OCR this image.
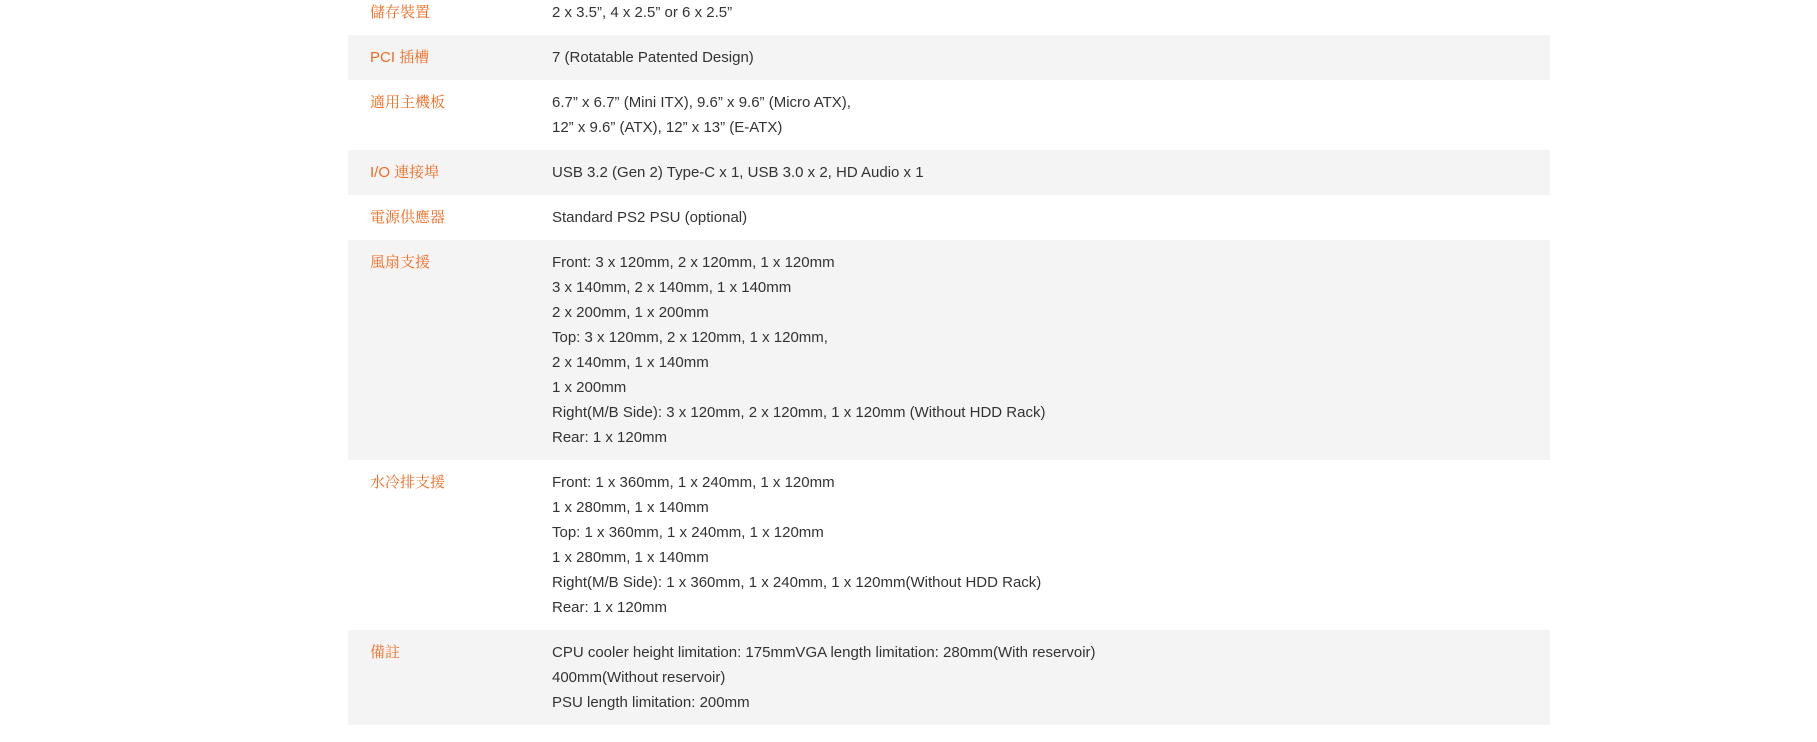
儲存裝置	2 x 3.5”, 4 x 2.5” or 6 x 2.5”
PCI 插槽	7 (Rotatable Patented Design)
適用主機板	6.7” x 6.7” (Mini ITX), 9.6” x 9.6” (Micro ATX),
12” x 9.6” (ATX), 12” x 13” (E-ATX)
I/O 連接埠	USB 3.2 (Gen 2) Type-C x 1, USB 3.0 x 2, HD Audio x 1
電源供應器	Standard PS2 PSU (optional)
風扇支援	Front: 3 x 120mm, 2 x 120mm, 1 x 120mm
3 x 140mm, 2 x 140mm, 1 x 140mm
2 x 200mm, 1 x 200mm
Top: 3 x 120mm, 2 x 120mm, 1 x 120mm,
2 x 140mm, 1 x 140mm
1 x 200mm
Right(M/B Side): 3 x 120mm, 2 x 120mm, 1 x 120mm (Without HDD Rack)
Rear: 1 x 120mm
水冷排支援	Front: 1 x 360mm, 1 x 240mm, 1 x 120mm
1 x 280mm, 1 x 140mm
Top: 1 x 360mm, 1 x 240mm, 1 x 120mm
1 x 280mm, 1 x 140mm
Right(M/B Side): 1 x 360mm, 1 x 240mm, 1 x 120mm(Without HDD Rack)
Rear: 1 x 120mm
備註	CPU cooler height limitation: 175mmVGA length limitation: 280mm(With reservoir)
400mm(Without reservoir)
PSU length limitation: 200mm
